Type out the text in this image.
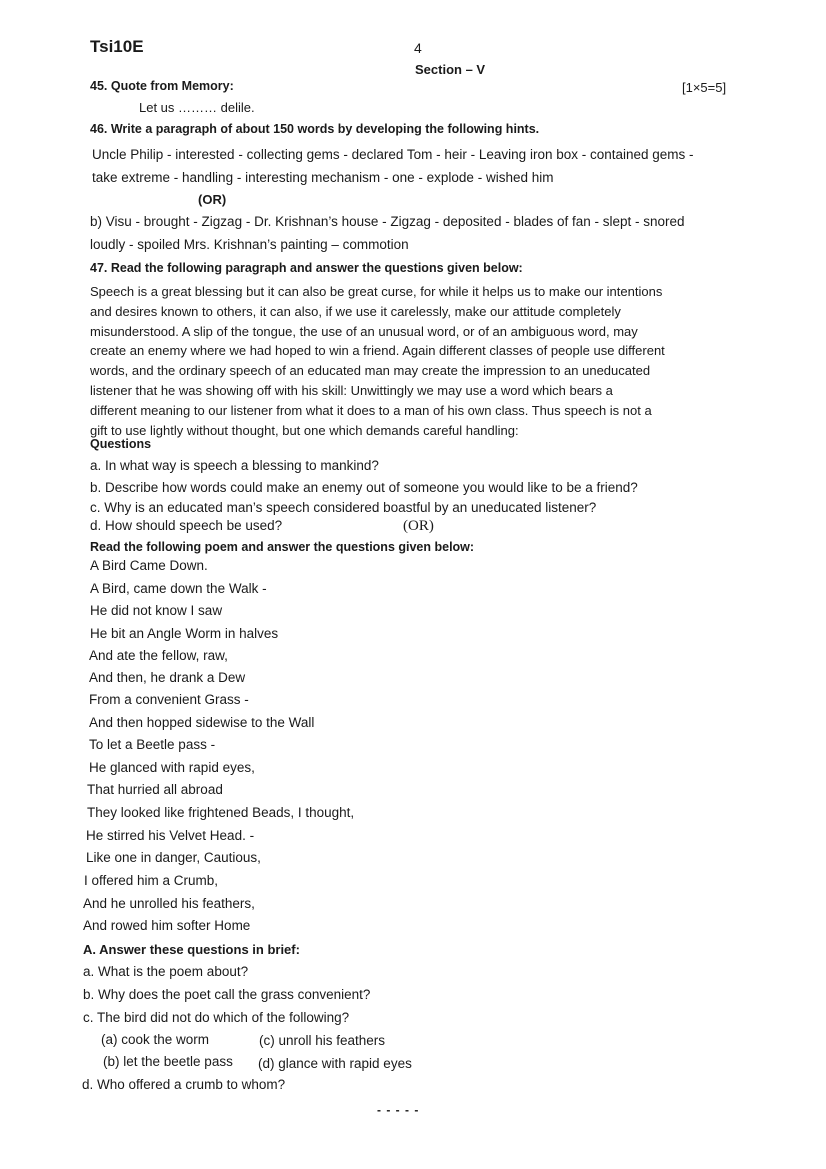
Tsi10E	4
Section – V
45. Quote from Memory:	[1×5=5]
Let us ……… delile.
46. Write a paragraph of about 150 words by developing the following hints.
Uncle Philip - interested - collecting gems - declared Tom - heir - Leaving iron box - contained gems -
take extreme - handling - interesting mechanism - one - explode - wished him
(OR)
b) Visu - brought - Zigzag - Dr. Krishnan’s house - Zigzag - deposited - blades of fan - slept - snored
loudly - spoiled Mrs. Krishnan’s painting – commotion
47. Read the following paragraph and answer the questions given below:
Speech is a great blessing but it can also be great curse, for while it helps us to make our intentions
and desires known to others, it can also, if we use it carelessly, make our attitude completely
misunderstood. A slip of the tongue, the use of an unusual word, or of an ambiguous word, may
create an enemy where we had hoped to win a friend. Again different classes of people use different
words, and the ordinary speech of an educated man may create the impression to an uneducated
listener that he was showing off with his skill: Unwittingly we may use a word which bears a
different meaning to our listener from what it does to a man of his own class. Thus speech is not a
gift to use lightly without thought, but one which demands careful handling:
Questions
a. In what way is speech a blessing to mankind?
b. Describe how words could make an enemy out of someone you would like to be a friend?
c. Why is an educated man’s speech considered boastful by an uneducated listener?
d. How should speech be used?	(OR)
Read the following poem and answer the questions given below:
A Bird Came Down.
A Bird, came down the Walk -
He did not know I saw
He bit an Angle Worm in halves
And ate the fellow, raw,
And then, he drank a Dew
From a convenient Grass -
And then hopped sidewise to the Wall
To let a Beetle pass -
He glanced with rapid eyes,
That hurried all abroad
They looked like frightened Beads, I thought,
He stirred his Velvet Head. -
Like one in danger, Cautious,
I offered him a Crumb,
And he unrolled his feathers,
And rowed him softer Home
A. Answer these questions in brief:
a. What is the poem about?
b. Why does the poet call the grass convenient?
c. The bird did not do which of the following?
(a) cook the worm	(c) unroll his feathers
(b) let the beetle pass (d) glance with rapid eyes
d. Who offered a crumb to whom?
- - - - -
